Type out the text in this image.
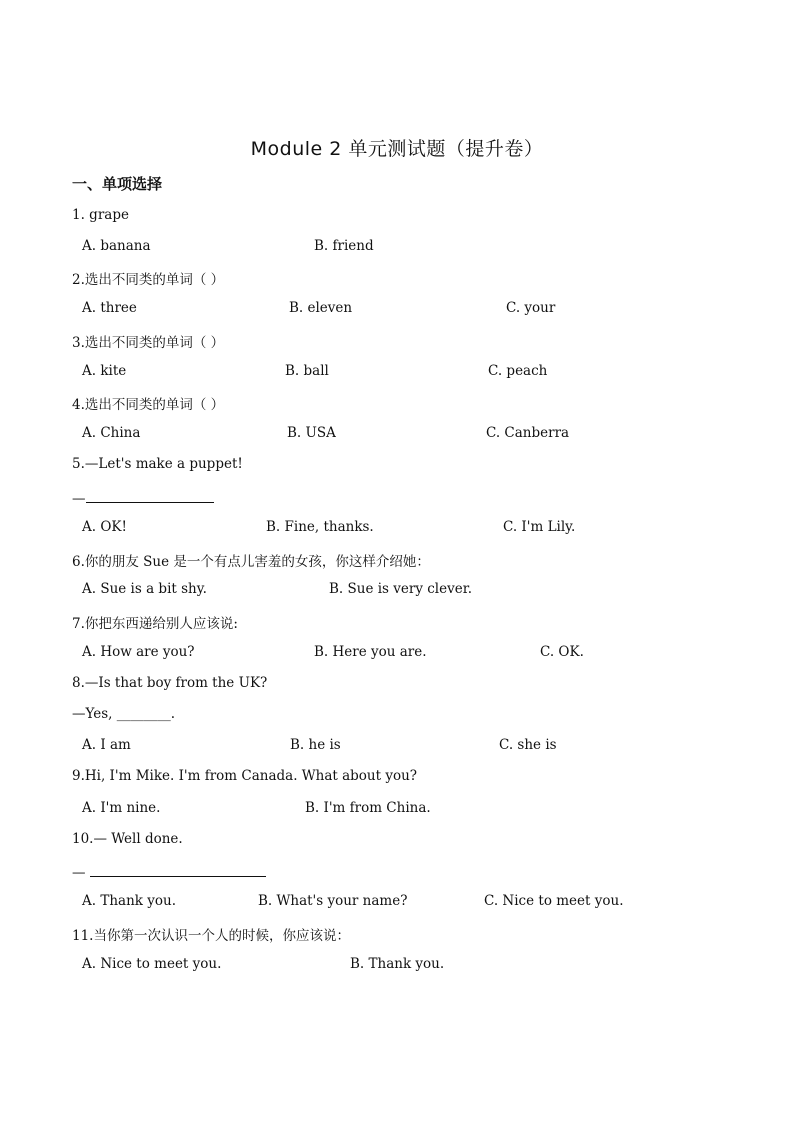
Module 2 单元测试题（提升卷）
一、单项选择
1. grape
A. banana	B. friend
2.选出不同类的单词（ ）
A. three	B. eleven	C. your
3.选出不同类的单词（ ）
A. kite	B. ball	C. peach
4.选出不同类的单词（ ）
A. China	B. USA	C. Canberra
5.—Let's make a puppet!
—
A. OK!	B. Fine, thanks.	C. I'm Lily.
6.你的朋友 Sue 是一个有点儿害羞的女孩，你这样介绍她：
A. Sue is a bit shy.	B. Sue is very clever.
7.你把东西递给别人应该说:
A. How are you?	B. Here you are.	C. OK.
8.—Is that boy from the UK?
—Yes, ________.
A. I am	B. he is	C. she is
9.Hi, I'm Mike. I'm from Canada. What about you?
A. I'm nine.	B. I'm from China.
10.— Well done.
—
A. Thank you.	B. What's your name?	C. Nice to meet you.
11.当你第一次认识一个人的时候，你应该说：
A. Nice to meet you.	B. Thank you.
